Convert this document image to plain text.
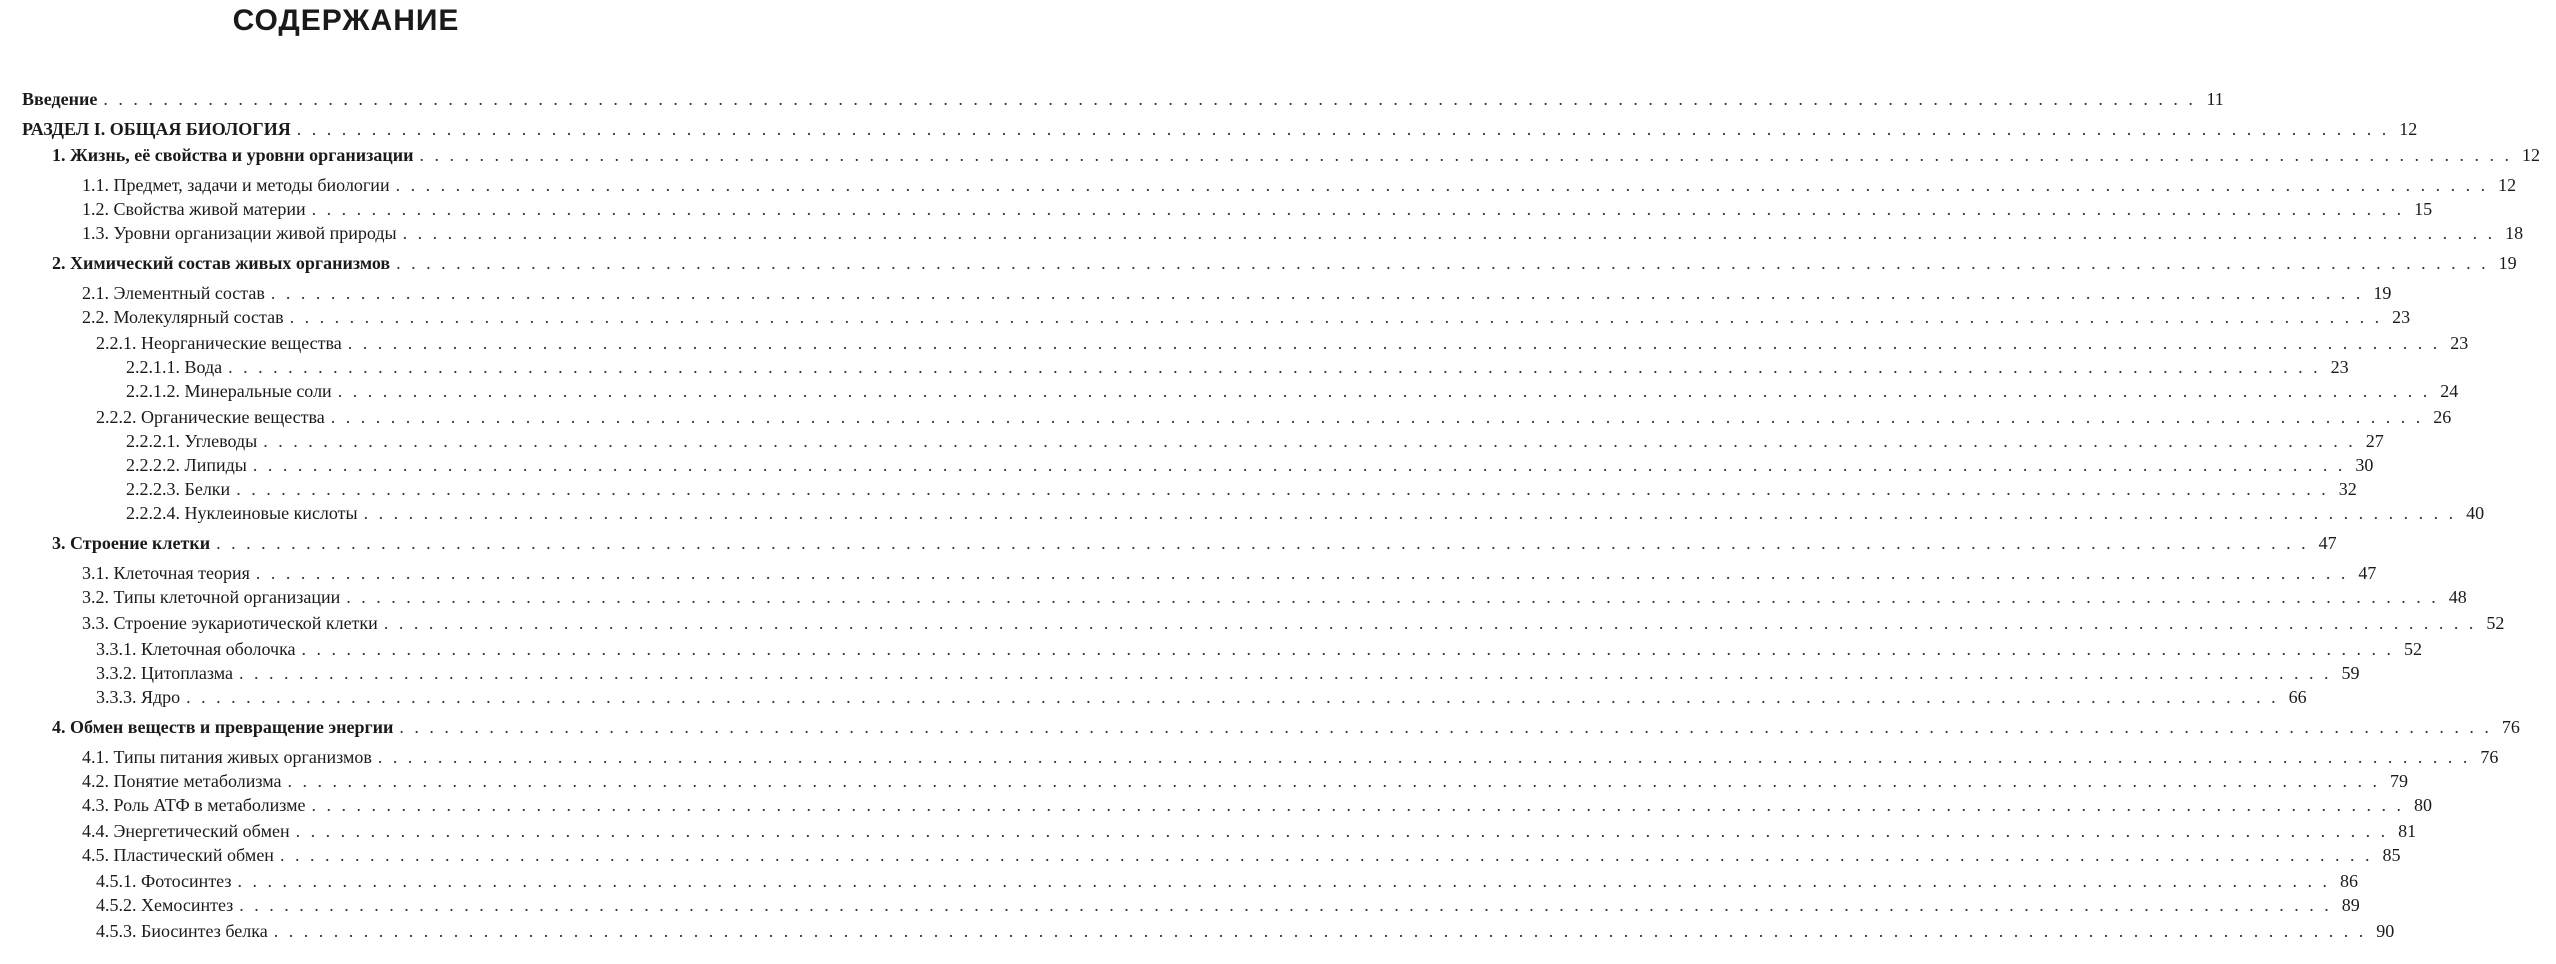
СОДЕРЖАНИЕ
Введение . . .	11
РАЗДЕЛ I. ОБЩАЯ БИОЛОГИЯ . . .	12
1. Жизнь, её свойства и уровни организации . . .	12
1.1. Предмет, задачи и методы биологии . . .	12
1.2. Свойства живой материи . . .	15
1.3. Уровни организации живой природы . . .	18
2. Химический состав живых организмов . . .	19
2.1. Элементный состав . . .	19
2.2. Молекулярный состав . . .	23
2.2.1. Неорганические вещества . . .	23
2.2.1.1. Вода . . .	23
2.2.1.2. Минеральные соли . . .	24
2.2.2. Органические вещества . . .	26
2.2.2.1. Углеводы . . .	27
2.2.2.2. Липиды . . .	30
2.2.2.3. Белки . . .	32
2.2.2.4. Нуклеиновые кислоты . . .	40
3. Строение клетки . . .	47
3.1. Клеточная теория . . .	47
3.2. Типы клеточной организации . . .	48
3.3. Строение эукариотической клетки . . .	52
3.3.1. Клеточная оболочка . . .	52
3.3.2. Цитоплазма . . .	59
3.3.3. Ядро . . .	66
4. Обмен веществ и превращение энергии . . .	76
4.1. Типы питания живых организмов . . .	76
4.2. Понятие метаболизма . . .	79
4.3. Роль АТФ в метаболизме . . .	80
4.4. Энергетический обмен . . .	81
4.5. Пластический обмен . . .	85
4.5.1. Фотосинтез . . .	86
4.5.2. Хемосинтез . . .	89
4.5.3. Биосинтез белка . . .	90
